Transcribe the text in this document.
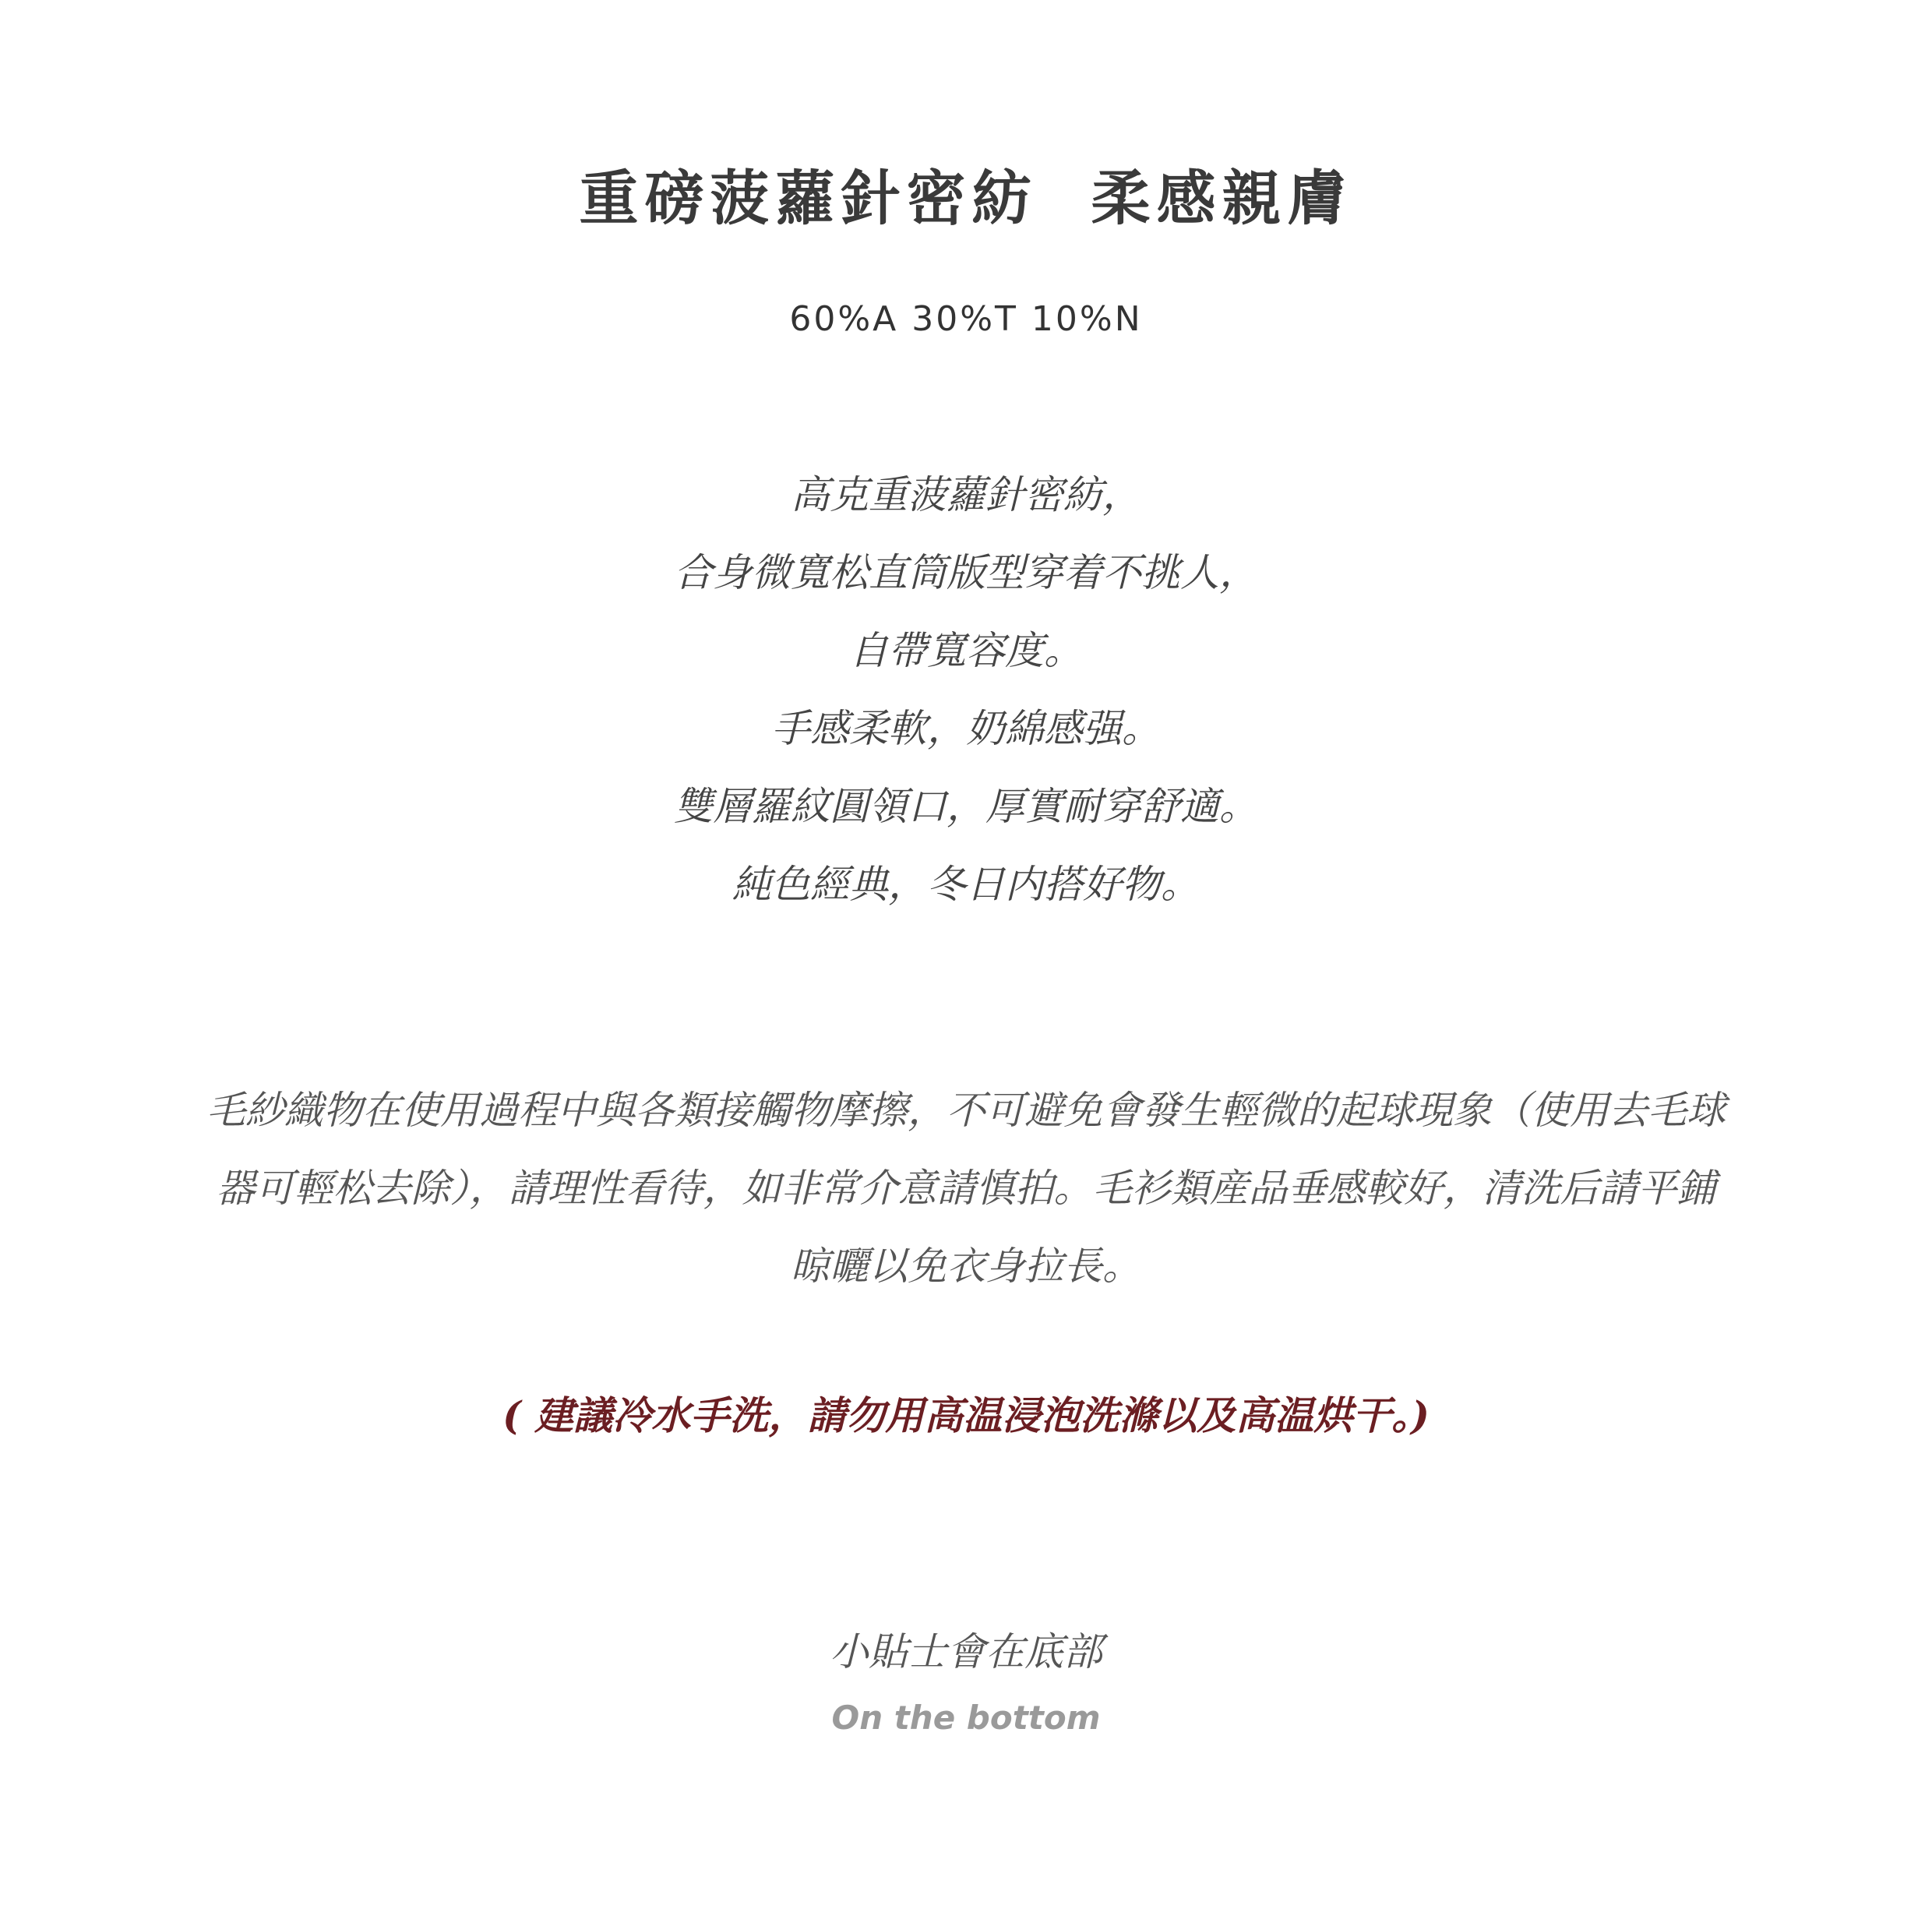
重磅菠蘿針密紡  柔感親膚
60%A 30%T 10%N
高克重菠蘿針密紡，
合身微寬松直筒版型穿着不挑人，
自帶寬容度。
手感柔軟，奶綿感强。
雙層羅紋圓領口，厚實耐穿舒適。
純色經典，冬日内搭好物。
毛紗織物在使用過程中與各類接觸物摩擦，不可避免會發生輕微的起球現象（使用去毛球
器可輕松去除），請理性看待，如非常介意請慎拍。毛衫類産品垂感較好，清洗后請平鋪
晾曬以免衣身拉長。
( 建議冷水手洗，請勿用高温浸泡洗滌以及高温烘干。)
小貼士會在底部
On the bottom
